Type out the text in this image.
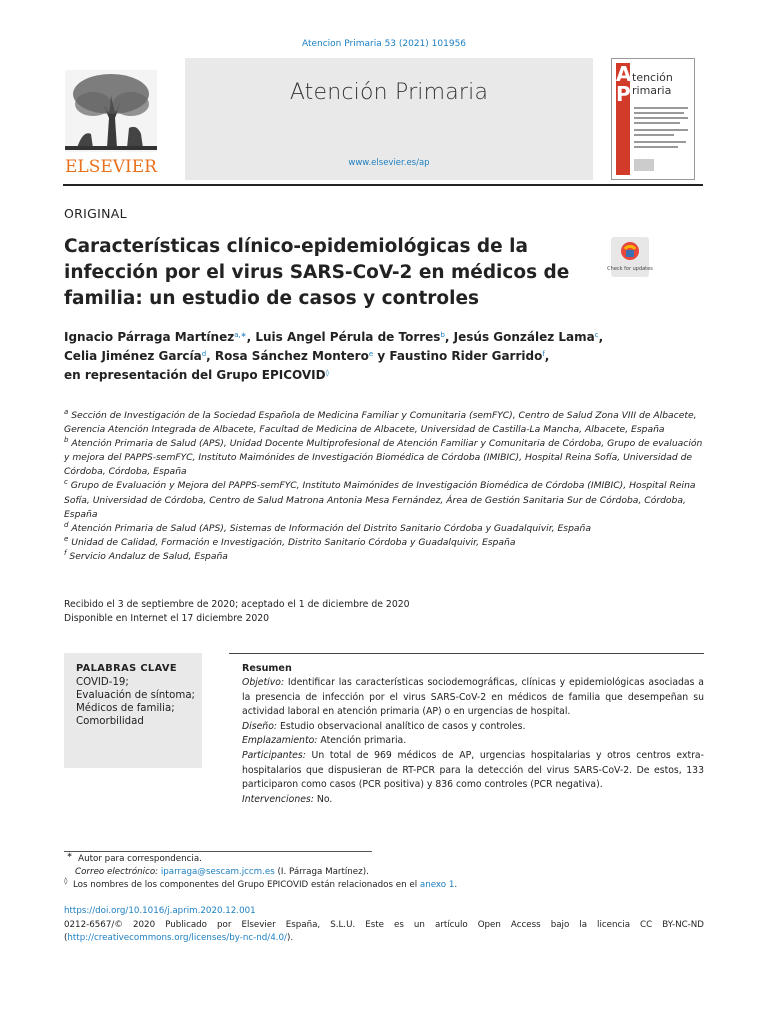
Atencion Primaria 53 (2021) 101956
ELSEVIER
Atención Primaria
www.elsevier.es/ap
A
P
tención
rimaria
ORIGINAL
Características clínico-epidemiológicas de la infección por el virus SARS-CoV-2 en médicos de familia: un estudio de casos y controles
Check for updates
Ignacio Párraga Martínez$^{a,∗}$, Luis Angel Pérula de Torres$^b$, Jesús González Lama$^c$,
Celia Jiménez García$^d$, Rosa Sánchez Montero$^e$ y Faustino Rider Garrido$^f$,
en representación del Grupo EPICOVID◊

$^a$ Sección de Investigación de la Sociedad Española de Medicina Familiar y Comunitaria (semFYC), Centro de Salud Zona VIII de Albacete, Gerencia Atención Integrada de Albacete, Facultad de Medicina de Albacete, Universidad de Castilla-La Mancha, Albacete, España

$^b$ Atención Primaria de Salud (APS), Unidad Docente Multiprofesional de Atención Familiar y Comunitaria de Córdoba, Grupo de evaluación y mejora del PAPPS-semFYC, Instituto Maimónides de Investigación Biomédica de Córdoba (IMIBIC), Hospital Reina Sofía, Universidad de Córdoba, Córdoba, España

$^c$ Grupo de Evaluación y Mejora del PAPPS-semFYC, Instituto Maimónides de Investigación Biomédica de Córdoba (IMIBIC), Hospital Reina Sofía, Universidad de Córdoba, Centro de Salud Matrona Antonia Mesa Fernández, Área de Gestión Sanitaria Sur de Córdoba, Córdoba, España

$^d$ Atención Primaria de Salud (APS), Sistemas de Información del Distrito Sanitario Córdoba y Guadalquivir, España

$^e$ Unidad de Calidad, Formación e Investigación, Distrito Sanitario Córdoba y Guadalquivir, España

$^f$ Servicio Andaluz de Salud, España

Recibido el 3 de septiembre de 2020; aceptado el 1 de diciembre de 2020
Disponible en Internet el 17 diciembre 2020
PALABRAS CLAVE
COVID-19;
Evaluación de síntoma;
Médicos de familia;
Comorbilidad
Resumen

Objetivo: Identificar las características sociodemográficas, clínicas y epidemiológicas asociadas a la presencia de infección por el virus SARS-CoV-2 en médicos de familia que desempeñan su actividad laboral en atención primaria (AP) o en urgencias de hospital.

Diseño: Estudio observacional analítico de casos y controles.

Emplazamiento: Atención primaria.

Participantes: Un total de 969 médicos de AP, urgencias hospitalarias y otros centros extra-hospitalarios que dispusieran de RT-PCR para la detección del virus SARS-CoV-2. De estos, 133 participaron como casos (PCR positiva) y 836 como controles (PCR negativa).

Intervenciones: No.

∗ Autor para correspondencia.

Correo electrónico: iparraga@sescam.jccm.es (I. Párraga Martínez).

◊ Los nombres de los componentes del Grupo EPICOVID están relacionados en el anexo 1.

https://doi.org/10.1016/j.aprim.2020.12.001
0212-6567/© 2020 Publicado por Elsevier España, S.L.U. Este es un artículo Open Access bajo la licencia CC BY-NC-ND (http://creativecommons.org/licenses/by-nc-nd/4.0/).
